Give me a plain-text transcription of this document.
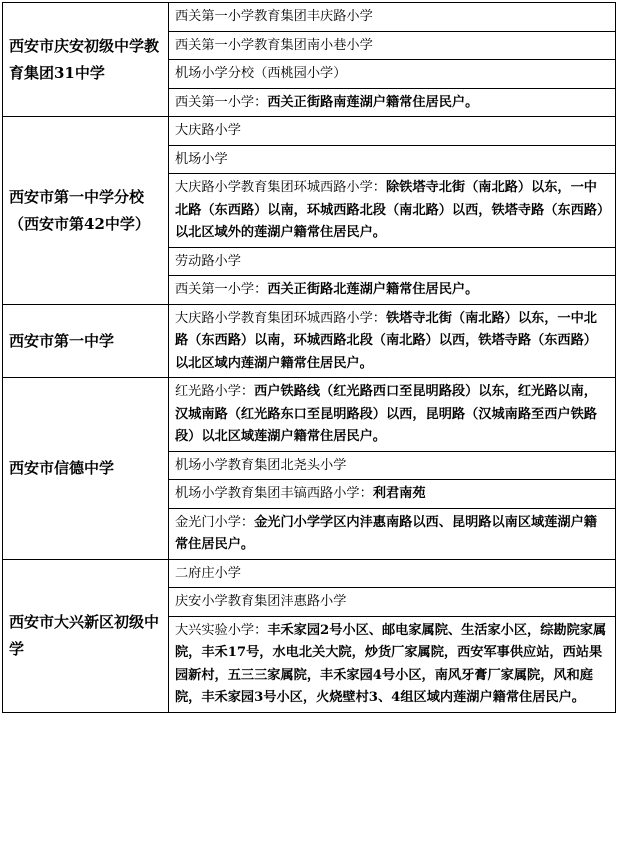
西安市庆安初级中学教育集团31中学	西关第一小学教育集团丰庆路小学
	西关第一小学教育集团南小巷小学
	机场小学分校（西桃园小学）
	西关第一小学：西关正街路南莲湖户籍常住居民户。
西安市第一中学分校（西安市第42中学）	大庆路小学
	机场小学
	大庆路小学教育集团环城西路小学：除铁塔寺北街（南北路）以东，一中北路（东西路）以南，环城西路北段（南北路）以西，铁塔寺路（东西路）以北区域外的莲湖户籍常住居民户。
	劳动路小学
	西关第一小学：西关正街路北莲湖户籍常住居民户。
西安市第一中学	大庆路小学教育集团环城西路小学：铁塔寺北街（南北路）以东，一中北路（东西路）以南，环城西路北段（南北路）以西，铁塔寺路（东西路）以北区域内莲湖户籍常住居民户。
西安市信德中学	红光路小学：西户铁路线（红光路西口至昆明路段）以东，红光路以南，汉城南路（红光路东口至昆明路段）以西，昆明路（汉城南路至西户铁路段）以北区域莲湖户籍常住居民户。
	机场小学教育集团北尧头小学
	机场小学教育集团丰镐西路小学：利君南苑
	金光门小学：金光门小学学区内沣惠南路以西、昆明路以南区域莲湖户籍常住居民户。
西安市大兴新区初级中学	二府庄小学
	庆安小学教育集团沣惠路小学
	大兴实验小学：丰禾家园2号小区、邮电家属院、生活家小区，综勘院家属院，丰禾17号，水电北关大院，炒货厂家属院，西安军事供应站，西站果园新村，五三三家属院，丰禾家园4号小区，南风牙膏厂家属院，风和庭院，丰禾家园3号小区，火烧壁村3、4组区域内莲湖户籍常住居民户。
